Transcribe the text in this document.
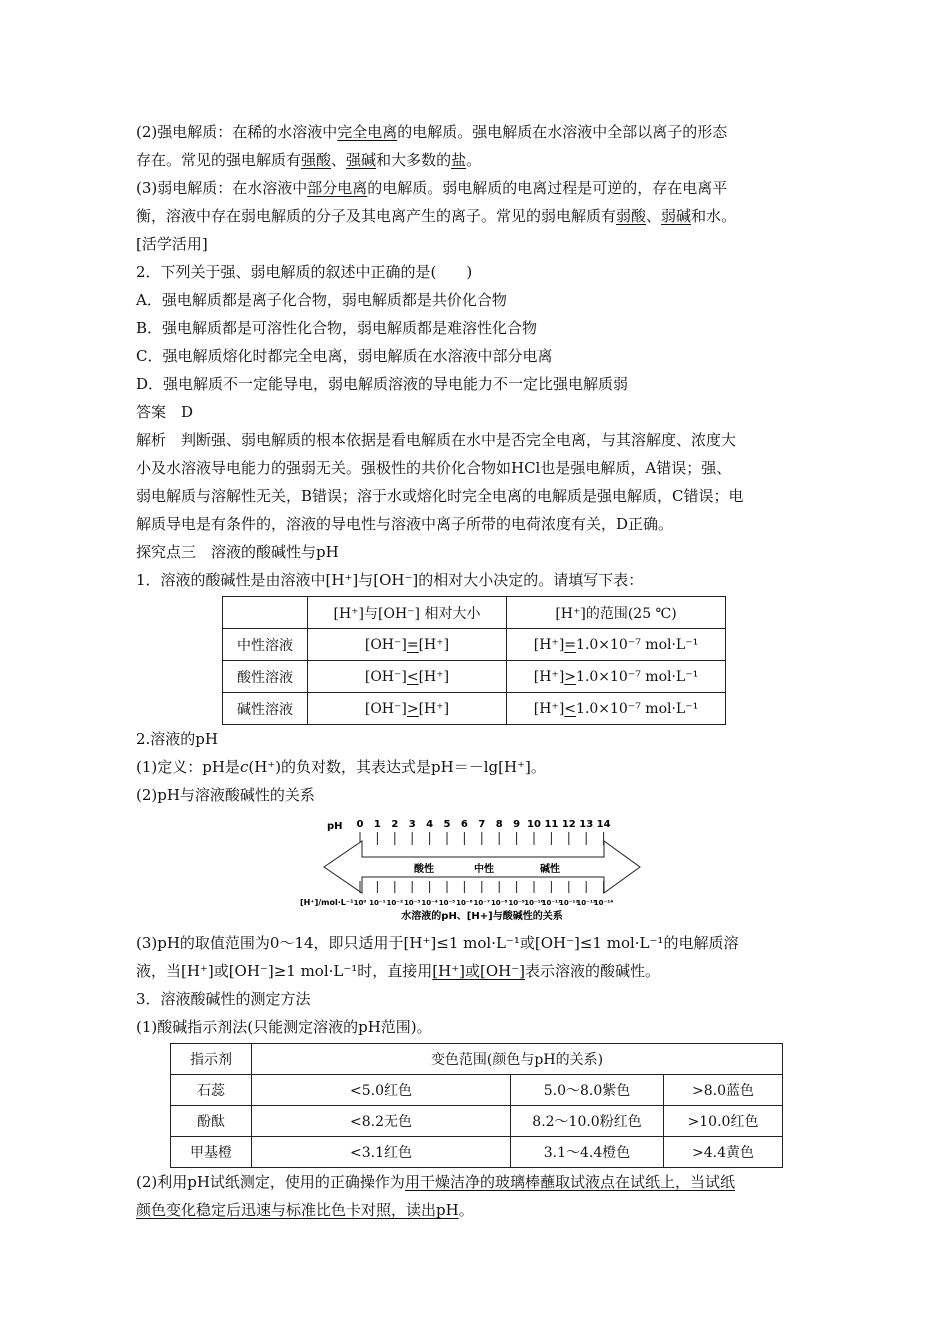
(2)强电解质：在稀的水溶液中完全电离的电解质。强电解质在水溶液中全部以离子的形态

存在。常见的强电解质有强酸、强碱和大多数的盐。

(3)弱电解质：在水溶液中部分电离的电解质。弱电解质的电离过程是可逆的，存在电离平

衡，溶液中存在弱电解质的分子及其电离产生的离子。常见的弱电解质有弱酸、弱碱和水。

[活学活用]

2．下列关于强、弱电解质的叙述中正确的是(　　)

A．强电解质都是离子化合物，弱电解质都是共价化合物

B．强电解质都是可溶性化合物，弱电解质都是难溶性化合物

C．强电解质熔化时都完全电离，弱电解质在水溶液中部分电离

D．强电解质不一定能导电，弱电解质溶液的导电能力不一定比强电解质弱

答案　D

解析　判断强、弱电解质的根本依据是看电解质在水中是否完全电离，与其溶解度、浓度大

小及水溶液导电能力的强弱无关。强极性的共价化合物如HCl也是强电解质，A错误；强、

弱电解质与溶解性无关，B错误；溶于水或熔化时完全电离的电解质是强电解质，C错误；电

解质导电是有条件的，溶液的导电性与溶液中离子所带的电荷浓度有关，D正确。

探究点三　溶液的酸碱性与pH

1．溶液的酸碱性是由溶液中[H⁺]与[OH⁻]的相对大小决定的。请填写下表：

	[H⁺]与[OH⁻] 相对大小	[H⁺]的范围(25 ℃)
中性溶液	[OH⁻]=[H⁺]	[H⁺]=1.0×10⁻⁷ mol·L⁻¹
酸性溶液	[OH⁻]<[H⁺]	[H⁺]>1.0×10⁻⁷ mol·L⁻¹
碱性溶液	[OH⁻]>[H⁺]	[H⁺]<1.0×10⁻⁷ mol·L⁻¹

2.溶液的pH

(1)定义：pH是c(H⁺)的负对数，其表达式是pH＝－lg[H⁺]。

(2)pH与溶液酸碱性的关系

pH 0 1 2 3 4 5 6 7 8 9 10 11 12 13 14
酸性	中性	碱性
[H⁺]/mol·L⁻¹ 10⁰ 10⁻¹ 10⁻² 10⁻³ 10⁻⁴ 10⁻⁵ 10⁻⁶ 10⁻⁷ 10⁻⁸ 10⁻⁹ 10⁻¹⁰
10⁻¹¹
10⁻¹²
10⁻¹³
10⁻¹⁴
水溶液的pH、[H+]与酸碱性的关系

(3)pH的取值范围为0～14，即只适用于[H⁺]≤1 mol·L⁻¹或[OH⁻]≤1 mol·L⁻¹的电解质溶

液，当[H⁺]或[OH⁻]≥1 mol·L⁻¹时，直接用[H⁺]或[OH⁻]表示溶液的酸碱性。

3．溶液酸碱性的测定方法

(1)酸碱指示剂法(只能测定溶液的pH范围)。

指示剂	变色范围(颜色与pH的关系)		
石蕊	<5.0红色	5.0～8.0紫色	>8.0蓝色
酚酞	<8.2无色	8.2～10.0粉红色	>10.0红色
甲基橙	<3.1红色	3.1～4.4橙色	>4.4黄色

(2)利用pH试纸测定，使用的正确操作为用干燥洁净的玻璃棒蘸取试液点在试纸上，当试纸

颜色变化稳定后迅速与标准比色卡对照，读出pH。
